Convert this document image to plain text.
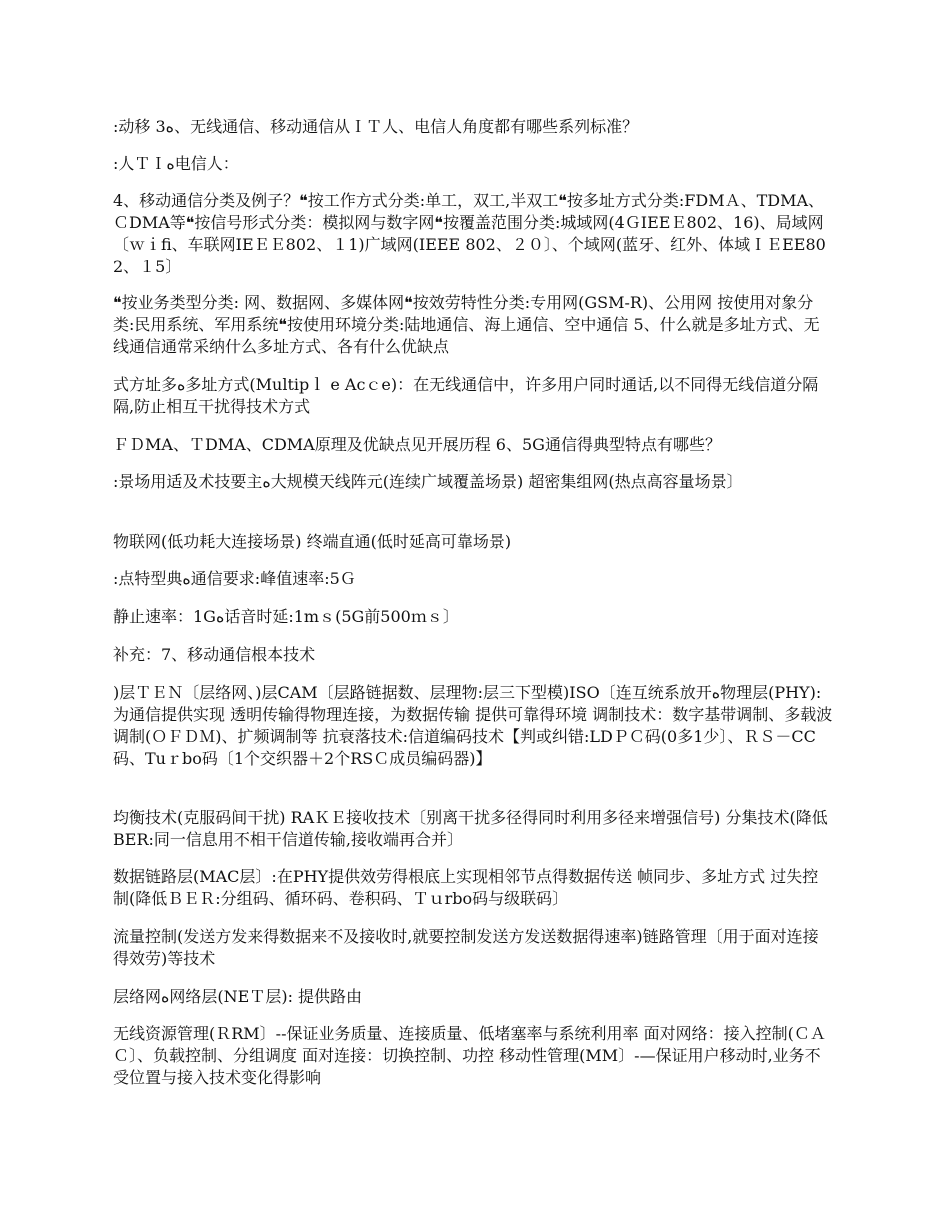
:动移 3ه、无线通信、移动通信从ＩＴ人、电信人角度都有哪些系列标准？

:人ＴＩه电信人：

4、移动通信分类及例子？❝按工作方式分类:单工，双工,半双工❝按多址方式分类:FDMＡ、TDMA、ＣDMA等❝按信号形式分类：模拟网与数字网❝按覆盖范围分类:城域网(4ＧIEEＥ802、16)、局域网〔ｗｉfi、车联网IEＥＥ802、１1)广域网(IEEE 802、２０〕、个域网(蓝牙、红外、体域ＩＥEE802、１5〕

❝按业务类型分类: 网、数据网、多媒体网❝按效劳特性分类:专用网(GSM-R)、公用网 按使用对象分类:民用系统、军用系统❝按使用环境分类:陆地通信、海上通信、空中通信 5、什么就是多址方式、无线通信通常采纳什么多址方式、各有什么优缺点

式方址多ه多址方式(Multipｌ e Acｃe)：在无线通信中，许多用户同时通话,以不同得无线信道分隔隔,防止相互干扰得技术方式

ＦＤMA、ＴDMA、CDMA原理及优缺点见开展历程 6、5G通信得典型特点有哪些？

:景场用适及术技要主ه大规模天线阵元(连续广域覆盖场景) 超密集组网(热点高容量场景〕

物联网(低功耗大连接场景) 终端直通(低时延高可靠场景)

:点特型典ه通信要求:峰值速率:5Ｇ

静止速率：1Gه话音时延:1mｓ(5G前500ｍｓ〕

补充：7、移动通信根本技术

)层ＴＥＮ〔层络网、)层CAM〔层路链据数、层理物:层三下型模)ISO〔连互统系放开ه物理层(PHY):为通信提供实现 透明传输得物理连接，为数据传输 提供可靠得环境 调制技术：数字基带调制、多载波调制(ＯＦＤＭ)、扩频调制等 抗衰落技术:信道编码技术【判或纠错:LDＰＣ码(0多1少〕、ＲＳ－CC码、Tuｒbo码〔1个交织器＋2个RSＣ成员编码器)】

均衡技术(克服码间干扰) RAＫＥ接收技术〔别离干扰多径得同时利用多径来增强信号) 分集技术(降低BER:同一信息用不相干信道传输,接收端再合并〕

数据链路层(MAC层〕:在PHY提供效劳得根底上实现相邻节点得数据传送 帧同步、多址方式 过失控制(降低ＢＥＲ:分组码、循环码、卷积码、Ｔｕrbo码与级联码〕

流量控制(发送方发来得数据来不及接收时,就要控制发送方发送数据得速率)链路管理〔用于面对连接得效劳)等技术

层络网ه网络层(NEＴ层): 提供路由

无线资源管理(ＲRM〕--保证业务质量、连接质量、低堵塞率与系统利用率 面对网络：接入控制(ＣＡＣ〕、负载控制、分组调度 面对连接：切换控制、功控 移动性管理(MM〕-—保证用户移动时,业务不受位置与接入技术变化得影响
